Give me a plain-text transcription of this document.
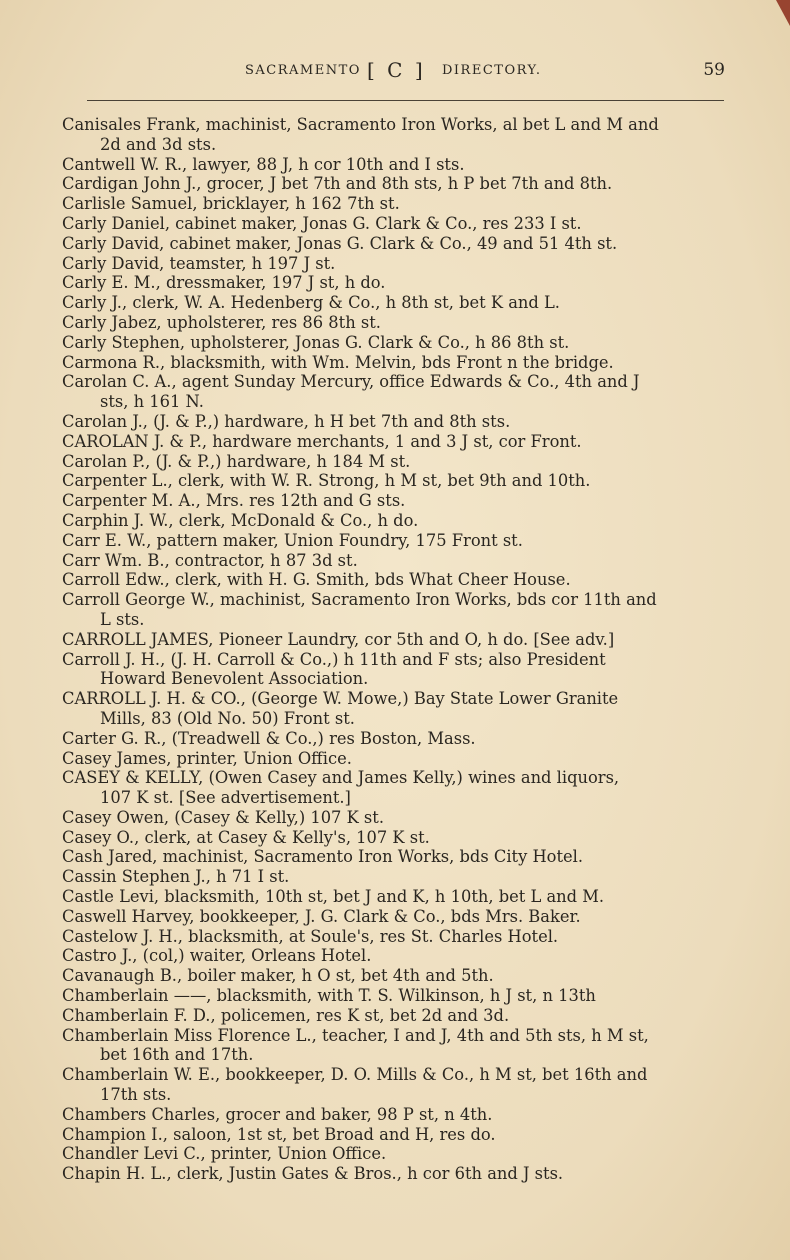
SACRAMENTO [ C ] DIRECTORY.	59
Canisales Frank, machinist, Sacramento Iron Works, al bet L and M and
2d and 3d sts.
Cantwell W. R., lawyer, 88 J, h cor 10th and I sts.
Cardigan John J., grocer, J bet 7th and 8th sts, h P bet 7th and 8th.
Carlisle Samuel, bricklayer, h 162 7th st.
Carly Daniel, cabinet maker, Jonas G. Clark & Co., res 233 I st.
Carly David, cabinet maker, Jonas G. Clark & Co., 49 and 51 4th st.
Carly David, teamster, h 197 J st.
Carly E. M., dressmaker, 197 J st, h do.
Carly J., clerk, W. A. Hedenberg & Co., h 8th st, bet K and L.
Carly Jabez, upholsterer, res 86 8th st.
Carly Stephen, upholsterer, Jonas G. Clark & Co., h 86 8th st.
Carmona R., blacksmith, with Wm. Melvin, bds Front n the bridge.
Carolan C. A., agent Sunday Mercury, office Edwards & Co., 4th and J
sts, h 161 N.
Carolan J., (J. & P.,) hardware, h H bet 7th and 8th sts.
CAROLAN J. & P., hardware merchants, 1 and 3 J st, cor Front.
Carolan P., (J. & P.,) hardware, h 184 M st.
Carpenter L., clerk, with W. R. Strong, h M st, bet 9th and 10th.
Carpenter M. A., Mrs. res 12th and G sts.
Carphin J. W., clerk, McDonald & Co., h do.
Carr E. W., pattern maker, Union Foundry, 175 Front st.
Carr Wm. B., contractor, h 87 3d st.
Carroll Edw., clerk, with H. G. Smith, bds What Cheer House.
Carroll George W., machinist, Sacramento Iron Works, bds cor 11th and
L sts.
CARROLL JAMES, Pioneer Laundry, cor 5th and O, h do. [See adv.]
Carroll J. H., (J. H. Carroll & Co.,) h 11th and F sts; also President
Howard Benevolent Association.
CARROLL J. H. & CO., (George W. Mowe,) Bay State Lower Granite
Mills, 83 (Old No. 50) Front st.
Carter G. R., (Treadwell & Co.,) res Boston, Mass.
Casey James, printer, Union Office.
CASEY & KELLY, (Owen Casey and James Kelly,) wines and liquors,
107 K st. [See advertisement.]
Casey Owen, (Casey & Kelly,) 107 K st.
Casey O., clerk, at Casey & Kelly's, 107 K st.
Cash Jared, machinist, Sacramento Iron Works, bds City Hotel.
Cassin Stephen J., h 71 I st.
Castle Levi, blacksmith, 10th st, bet J and K, h 10th, bet L and M.
Caswell Harvey, bookkeeper, J. G. Clark & Co., bds Mrs. Baker.
Castelow J. H., blacksmith, at Soule's, res St. Charles Hotel.
Castro J., (col,) waiter, Orleans Hotel.
Cavanaugh B., boiler maker, h O st, bet 4th and 5th.
Chamberlain ——, blacksmith, with T. S. Wilkinson, h J st, n 13th
Chamberlain F. D., policemen, res K st, bet 2d and 3d.
Chamberlain Miss Florence L., teacher, I and J, 4th and 5th sts, h M st,
bet 16th and 17th.
Chamberlain W. E., bookkeeper, D. O. Mills & Co., h M st, bet 16th and
17th sts.
Chambers Charles, grocer and baker, 98 P st, n 4th.
Champion I., saloon, 1st st, bet Broad and H, res do.
Chandler Levi C., printer, Union Office.
Chapin H. L., clerk, Justin Gates & Bros., h cor 6th and J sts.
